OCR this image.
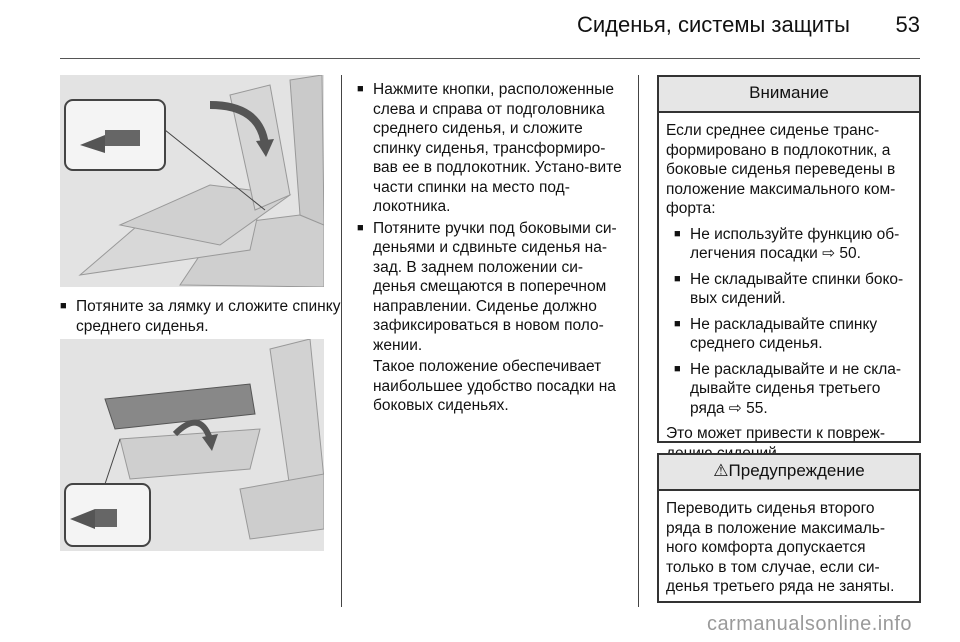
Сиденья, системы защиты 53
■ Потяните за лямку и сложите спинку среднего сиденья.
■ Нажмите кнопки, расположенные слева и справа от подголовника среднего сиденья, и сложите спинку сиденья, трансформиро-вав ее в подлокотник. Устано-вите части спинки на место под-локотника.
■ Потяните ручки под боковыми си-деньями и сдвиньте сиденья на-зад. В заднем положении си-денья смещаются в поперечном направлении. Сиденье должно зафиксироваться в новом поло-жении.

Такое положение обеспечивает наибольшее удобство посадки на боковых сиденьях.

Внимание
Если среднее сиденье транс-формировано в подлокотник, а боковые сиденья переведены в положение максимального ком-форта:
■ Не используйте функцию об-легчения посадки ⇨ 50.
■ Не складывайте спинки боко-вых сидений.
■ Не раскладывайте спинку среднего сиденья.
■ Не раскладывайте и не скла-дывайте сиденья третьего ряда ⇨ 55.
Это может привести к повреж-
⚠Предупреждение
Переводить сиденья второго ряда в положение максималь-ного комфорта допускается только в том случае, если си-денья третьего ряда не заняты.
carmanualsonline.info
